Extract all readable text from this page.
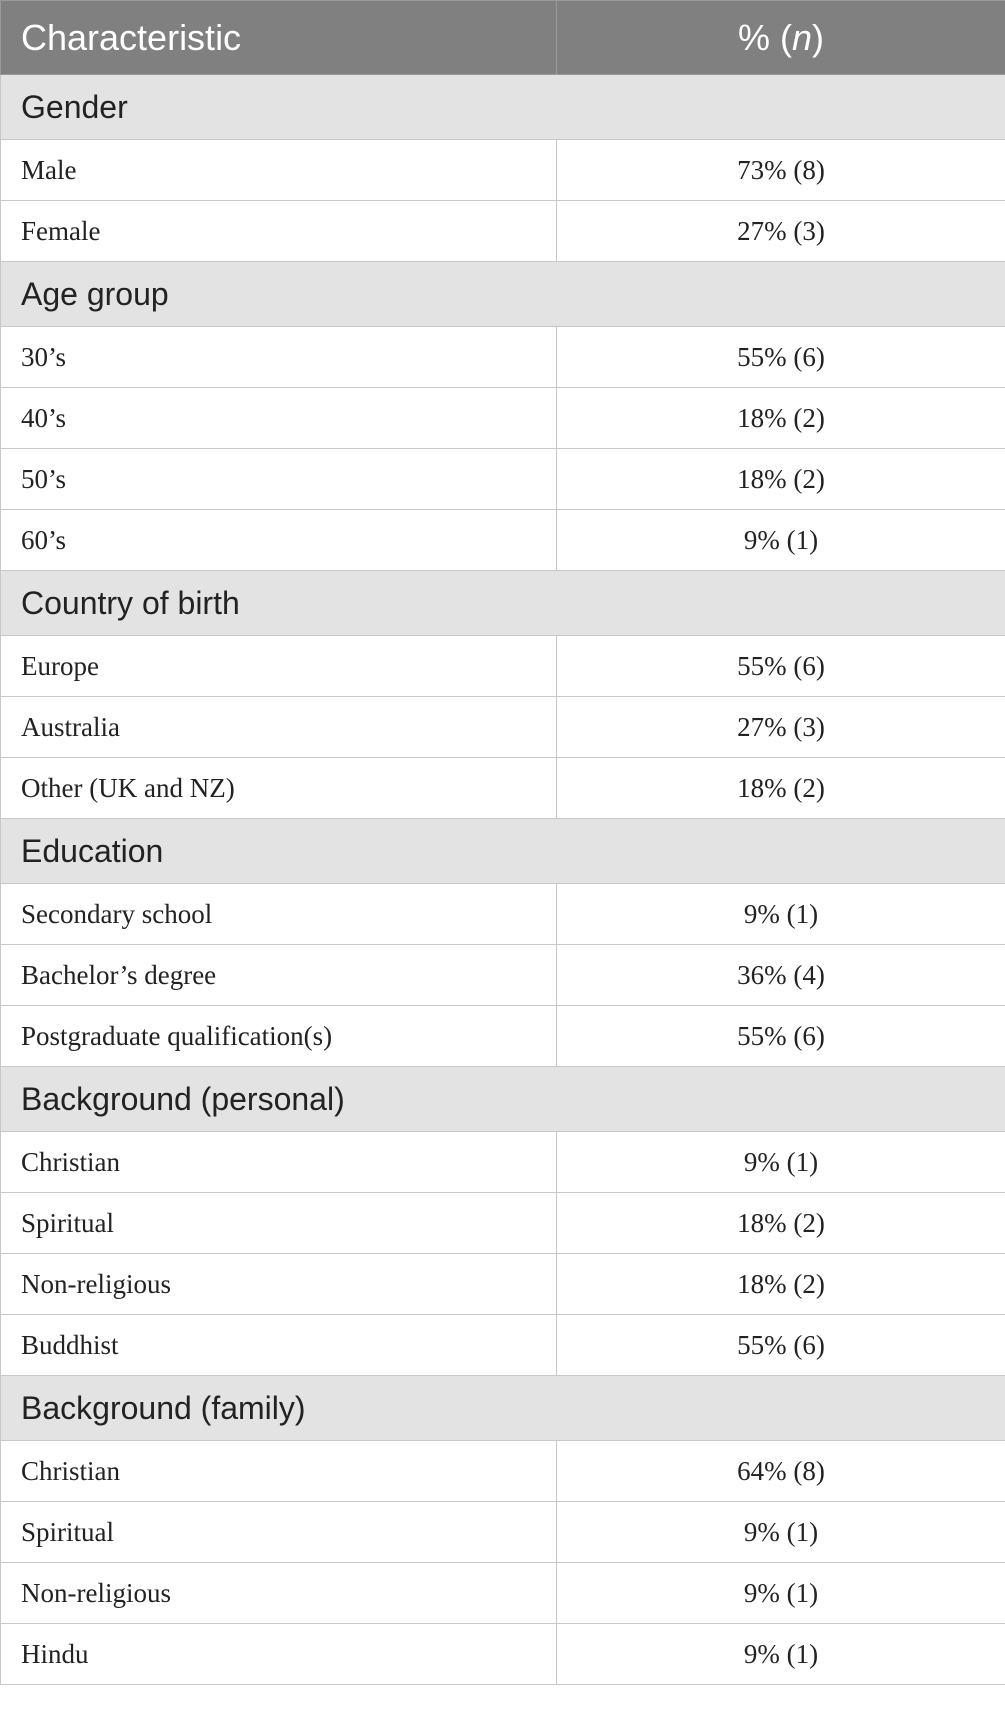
Characteristic	% (n)
Gender	
Male	73% (8)
Female	27% (3)
Age group	
30’s	55% (6)
40’s	18% (2)
50’s	18% (2)
60’s	9% (1)
Country of birth	
Europe	55% (6)
Australia	27% (3)
Other (UK and NZ)	18% (2)
Education	
Secondary school	9% (1)
Bachelor’s degree	36% (4)
Postgraduate qualification(s)	55% (6)
Background (personal)	
Christian	9% (1)
Spiritual	18% (2)
Non-religious	18% (2)
Buddhist	55% (6)
Background (family)	
Christian	64% (8)
Spiritual	9% (1)
Non-religious	9% (1)
Hindu	9% (1)
